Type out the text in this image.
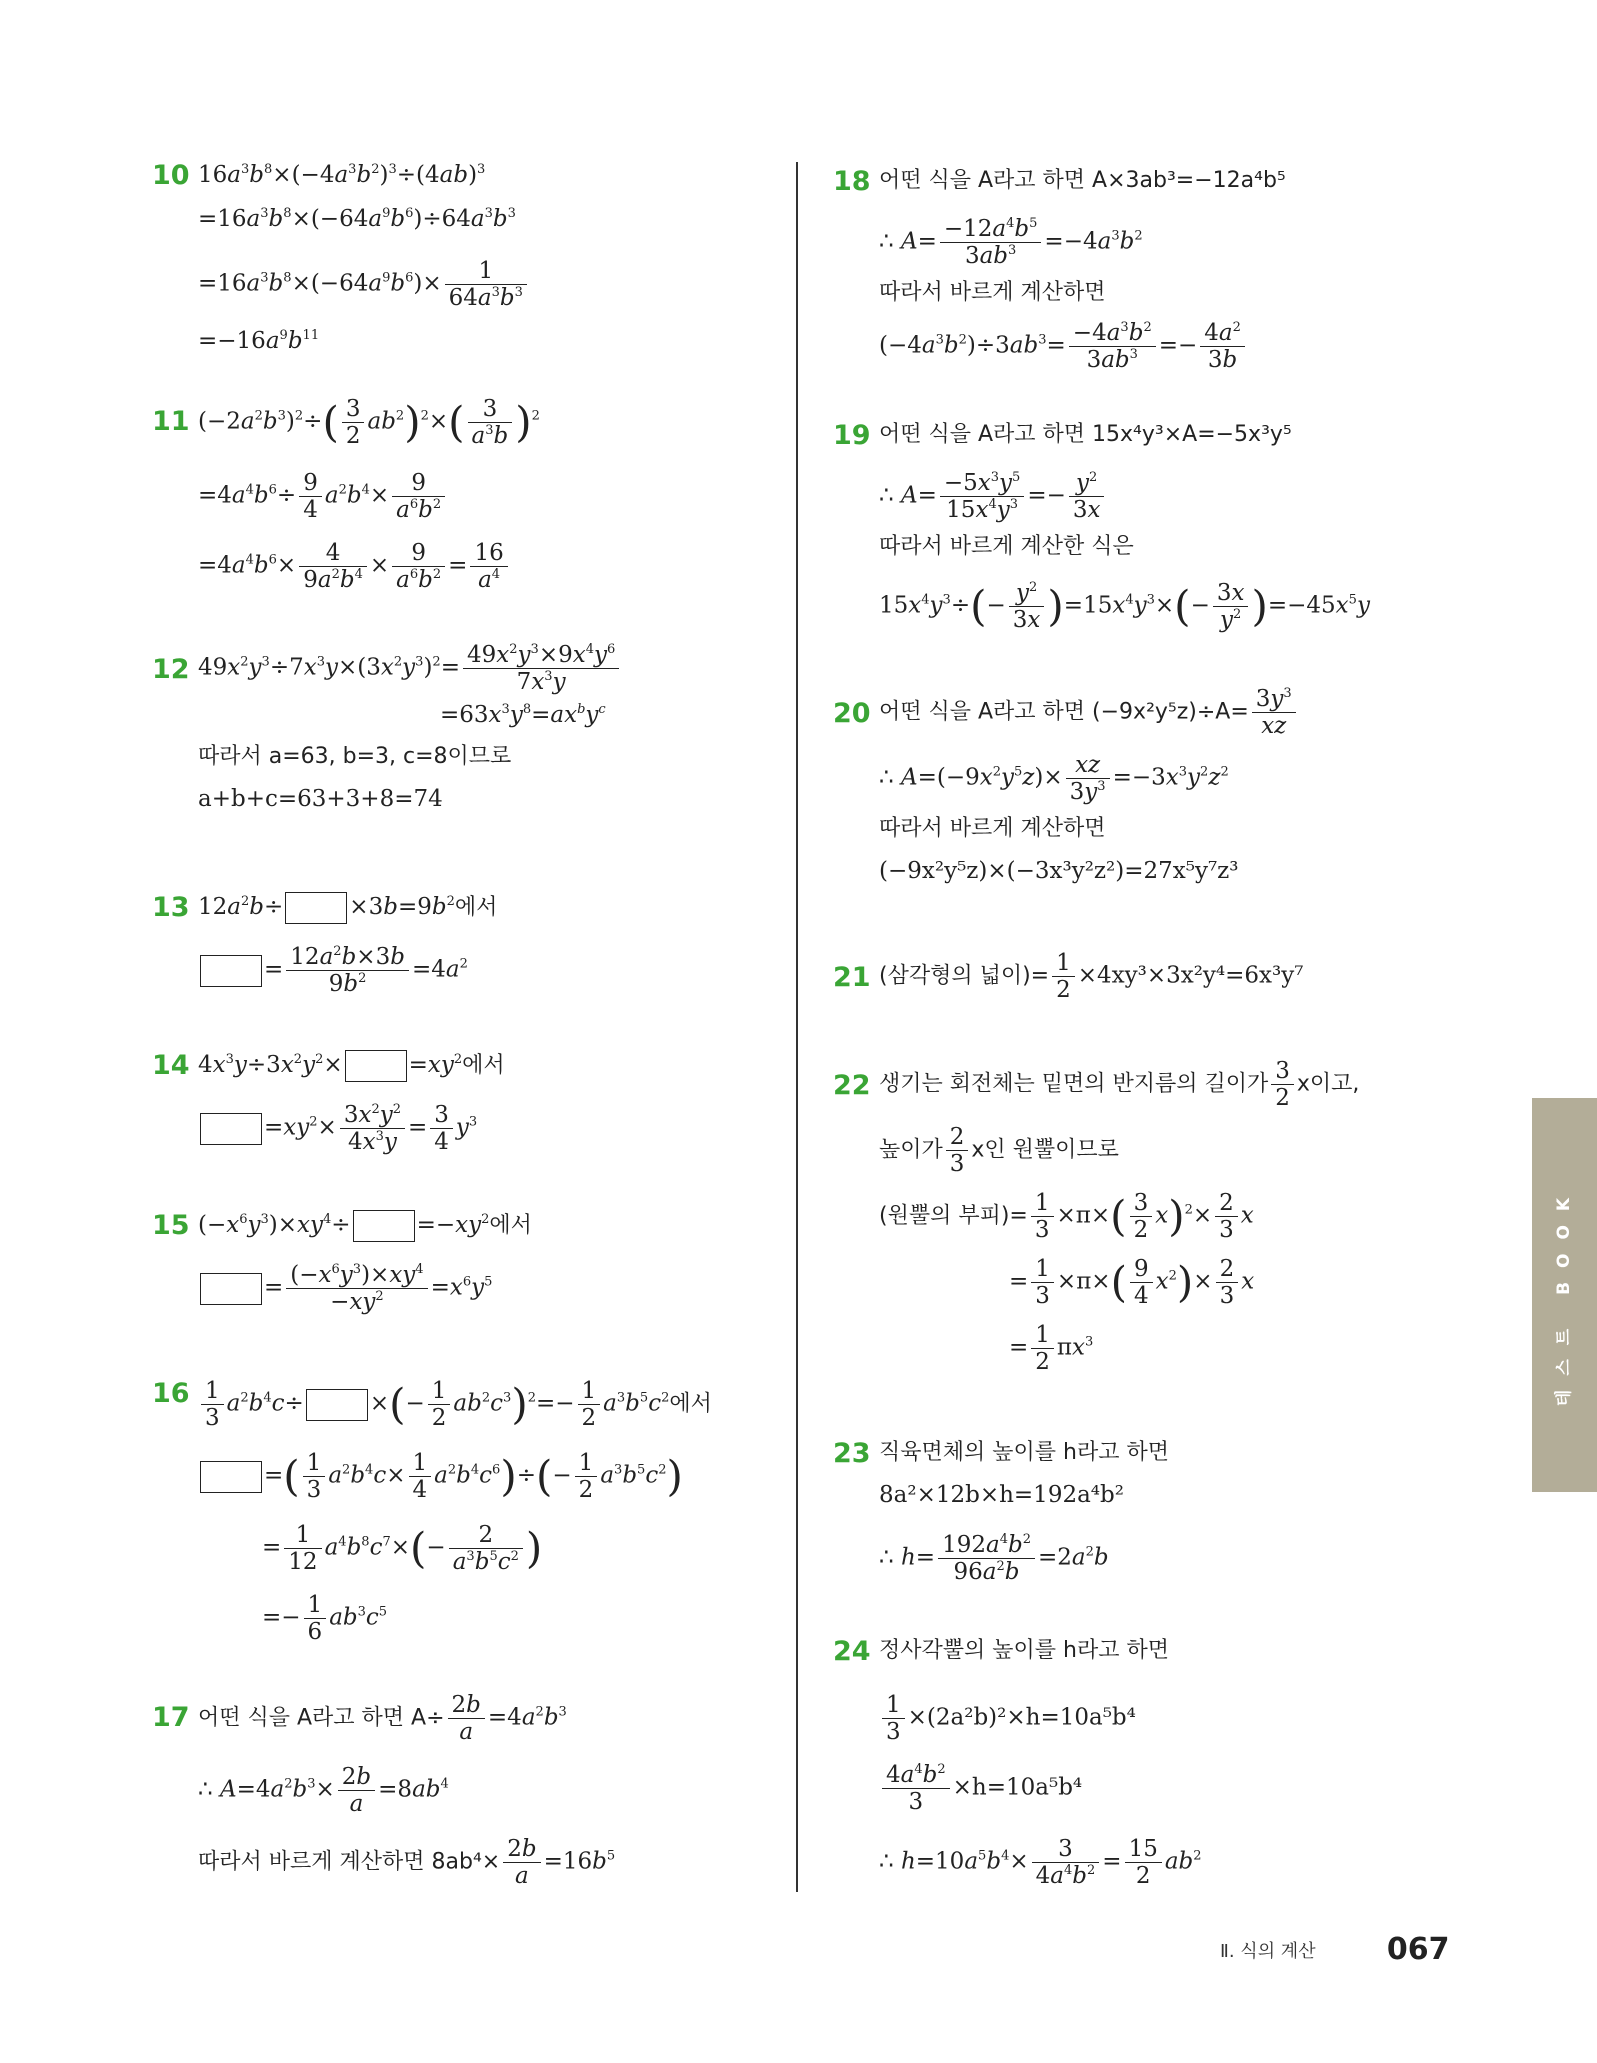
10 $16a^3b^8\times(-4a^3b^2)^3\div(4ab)^3$
$=16a^3b^8\times(-64a^9b^6)\div 64a^3b^3$
$=16a^3b^8\times(-64a^9b^6)\times \frac{1}{64a^3b^3}$
$=-16a^9b^{11}$
11 $(-2a^2b^3)^2\div( \frac{3}{2} ab^2)^2\times( \frac{3}{a^3b} )^2$
$=4a^4b^6\div \frac{9}{4} a^2b^4\times \frac{9}{a^6b^2}$
$=4a^4b^6\times \frac{4}{9a^2b^4} \times \frac{9}{a^6b^2} = \frac{16}{a^4}$
12 $49x^2y^3\div 7x^3y\times(3x^2y^3)^2= \frac{49x^2y^3\times 9x^4y^6}{7x^3y}$
$=63x^3y^8=ax^by^c$
따라서 a=63, b=3, c=8이므로
a+b+c=63+3+8=74
13 $12a^2b\div$	$\times 3b=9b^2$에서
= $\frac{12a^2b\times 3b}{9b^2} =4a^2$
14 $4x^3y\div 3x^2y^2\times$	$=xy^2$에서
$=xy^2\times \frac{3x^2y^2}{4x^3y} = \frac{3}{4} y^3$
15 $(-x^6y^3)\times xy^4\div$	$=-xy^2$에서
= $\frac{(-x^6y^3)\times xy^4}{-xy^2} =x^6y^5$
$16 \frac{1}{3} a^2b^4c\div$	×(− $\frac{1}{2} ab^2c^3)^2=- \frac{1}{2} a^3b^5c^2$에서
=( $\frac{1}{3} a^2b^4c\times \frac{1}{4} a^2b^4c^6)\div(- \frac{1}{2} a^3b^5c^2)$
= $\frac{1}{12} a^4b^8c^7\times(- \frac{2}{a^3b^5c^2}$ )
=− $\frac{1}{6} ab^3c^5$
17 어떤 식을 A라고 하면 $A\div \frac{2b}{a} =4a^2b^3$
∴ $A=4a^2b^3\times \frac{2b}{a} =8ab^4$
따라서 바르게 계산하면 $8ab^4\times \frac{2b}{a} =16b^5$
18 어떤 식을 A라고 하면 A×3ab³=−12a⁴b⁵
∴ $A= \frac{-12a^4b^5}{3ab^3} =-4a^3b^2$
따라서 바르게 계산하면
$(-4a^3b^2)\div 3ab^3= \frac{-4a^3b^2}{3ab^3} =- \frac{4a^2}{3b}$
19 어떤 식을 A라고 하면 15x⁴y³×A=−5x³y⁵
∴ $A= \frac{-5x^3y^5}{15x^4y^3} =- \frac{y^2}{3x}$
따라서 바르게 계산한 식은
$15x^4y^3\div(- \frac{y^2}{3x} )=15x^4y^3\times(- \frac{3x}{y^2} )=-45x^5y$
20 어떤 식을 A라고 하면 $(-9x^2y^5z)\div A= \frac{3y^3}{xz}$
∴ $A=(-9x^2y^5z)\times \frac{xz}{3y^3} =-3x^3y^2z^2$
따라서 바르게 계산하면
(−9x²y⁵z)×(−3x³y²z²)=27x⁵y⁷z³
21 (삼각형의 넓이)= $\frac{1}{2} \times 4xy^3\times 3x^2y^4=6x^3y^7$
22 생기는 회전체는 밑면의 반지름의 길이가 $\frac{3}{2}$ x이고,
높이가 $\frac{2}{3}$ x인 원뿔이므로
(원뿔의 부피)= $\frac{1}{3} \times\pi\times( \frac{3}{2} x)^2\times \frac{2}{3}$ x
= $\frac{1}{3} \times\pi\times( \frac{9}{4} x^2)\times \frac{2}{3}$ x
= $\frac{1}{2} \pi x^3$
23 직육면체의 높이를 h라고 하면
8a²×12b×h=192a⁴b²
∴ $h= \frac{192a^4b^2}{96a^2b} =2a^2b$
24 정사각뿔의 높이를 h라고 하면
$\frac{1}{3} \times(2a^2b)^2\times h=10a^5b^4$
$\frac{4a^4b^2}{3} \times h=10a^5b^4$
∴ $h=10a^5b^4\times \frac{3}{4a^4b^2} = \frac{15}{2} ab^2$
테스트 BOOK
Ⅱ. 식의 계산 067
